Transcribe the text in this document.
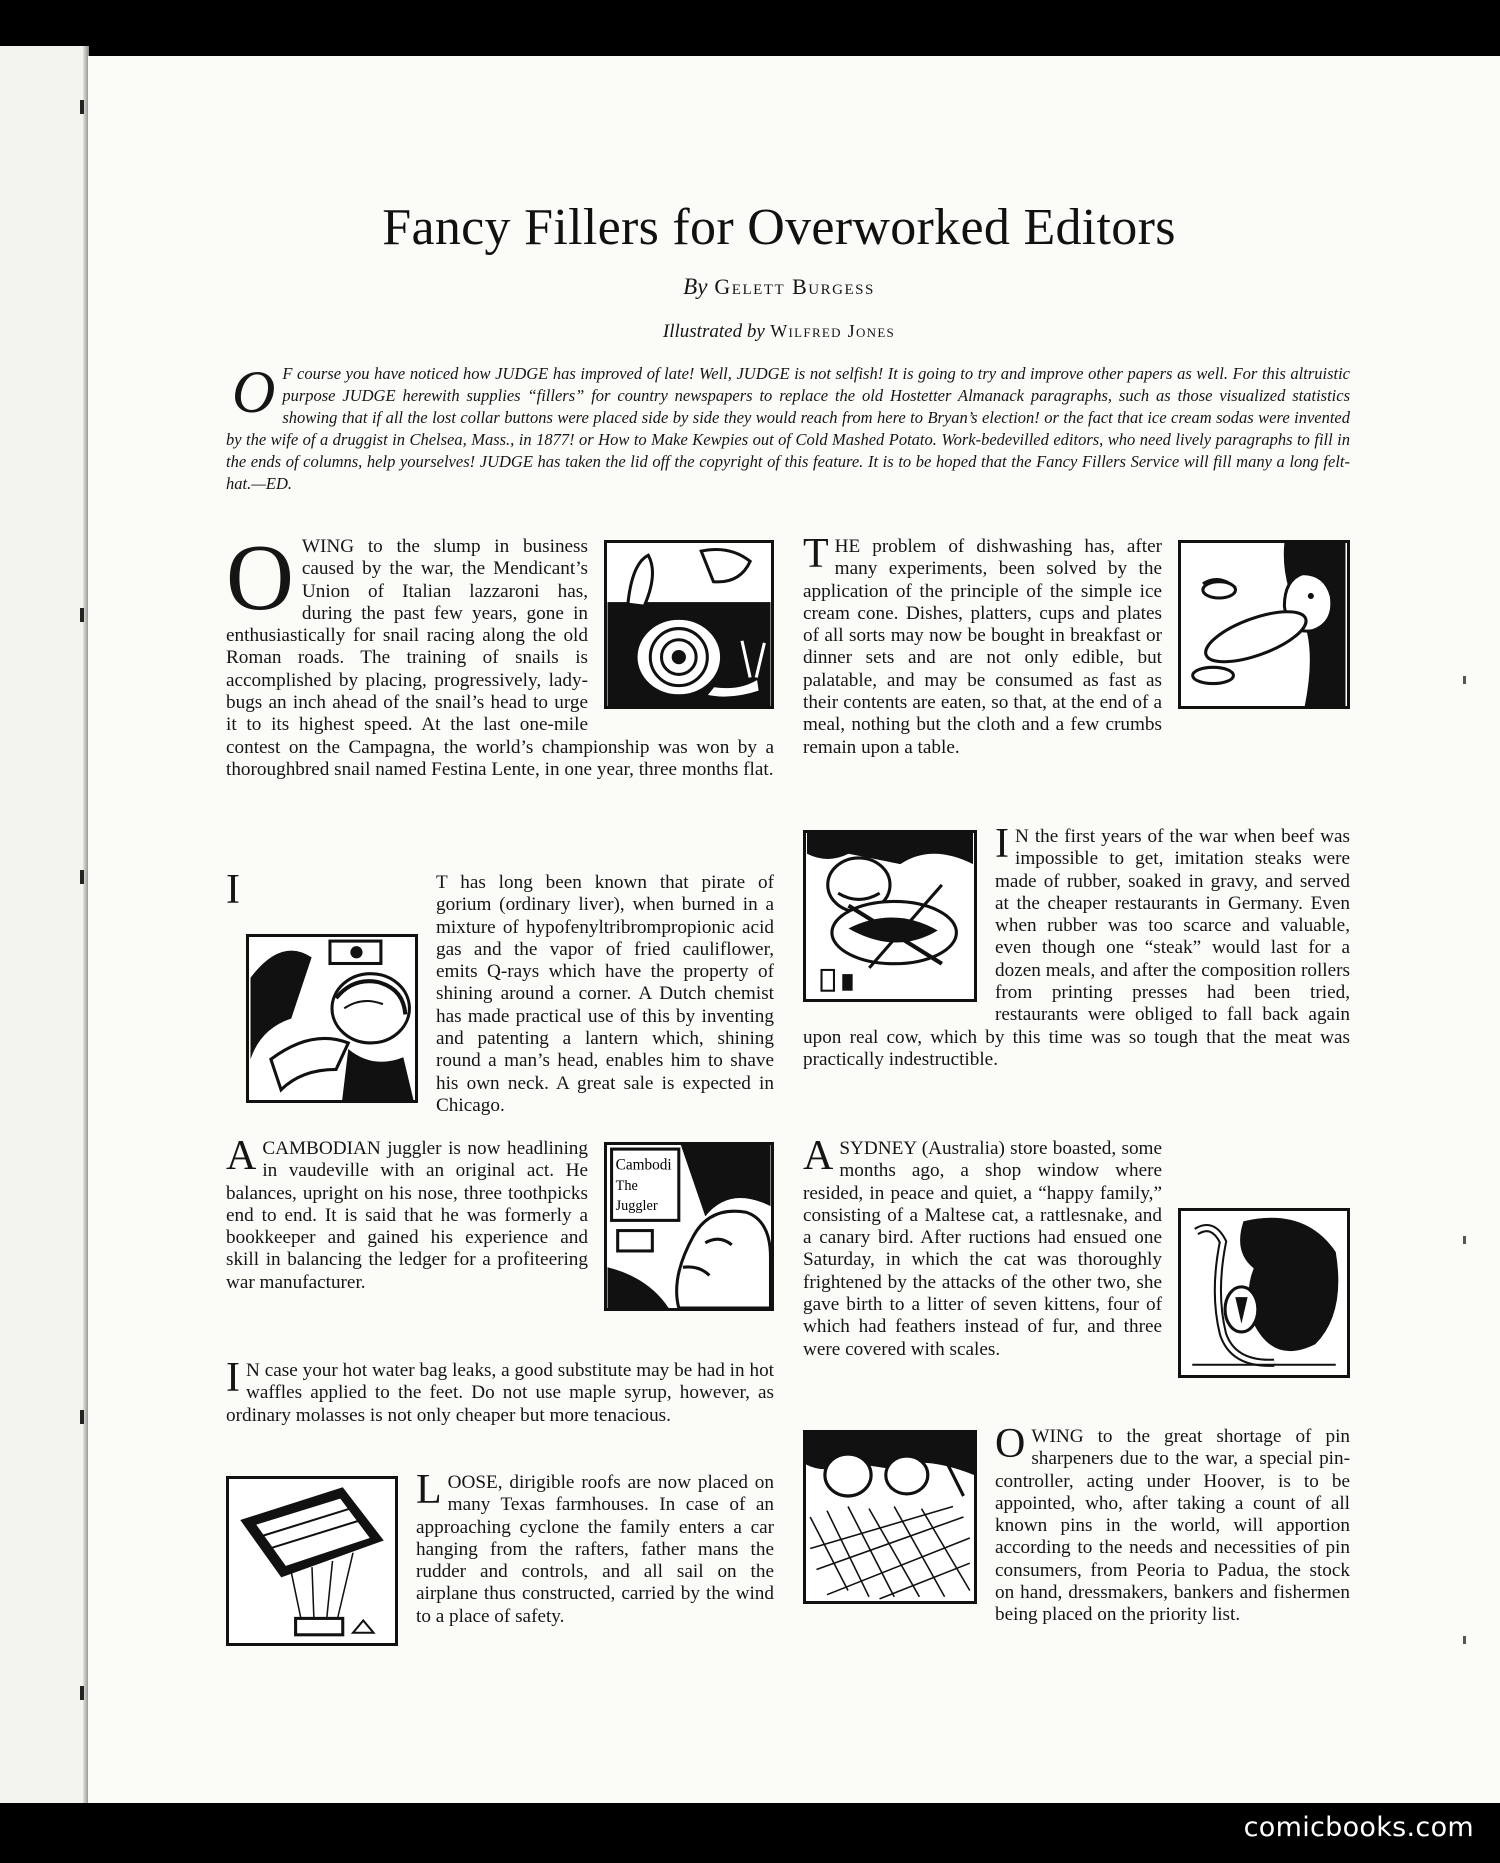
Fancy Fillers for Overworked Editors
By Gelett Burgess
Illustrated by Wilfred Jones

O F course you have noticed how JUDGE has improved of late! Well, JUDGE is not selfish! It is going to try and improve other papers as well. For this altruistic purpose JUDGE herewith supplies “fillers” for country newspapers to replace the old Hostetter Almanack paragraphs, such as those visualized statistics showing that if all the lost collar buttons were placed side by side they would reach from here to Bryan’s election! or the fact that ice cream sodas were invented by the wife of a druggist in Chelsea, Mass., in 1877! or How to Make Kewpies out of Cold Mashed Potato. Work-bedevilled editors, who need lively paragraphs to fill in the ends of columns, help yourselves! JUDGE has taken the lid off the copyright of this feature. It is to be hoped that the Fancy Fillers Service will fill many a long felt-hat.—ED.

O WING to the slump in business caused by the war, the Mendicant’s Union of Italian lazzaroni has, during the past few years, gone in enthusiastically for snail racing along the old Roman roads. The training of snails is accomplished by placing, progressively, lady-bugs an inch ahead of the snail’s head to urge it to its highest speed. At the last one-mile contest on the Campagna, the world’s championship was won by a thoroughbred snail named Festina Lente, in one year, three months flat.

I	T has long been known that pirate of gorium (ordinary liver), when burned in a mixture of hypofenyltribrompropionic acid gas and the vapor of fried cauliflower, emits Q-rays which have the property of shining around a corner. A Dutch chemist has made practical use of this by inventing and patenting a lantern which, shining round a man’s head, enables him to shave his own neck. A great sale is expected in Chicago.

Cambodi
The
Juggler
A CAMBODIAN juggler is now headlining in vaudeville with an original act. He balances, upright on his nose, three toothpicks end to end. It is said that he was formerly a bookkeeper and gained his experience and skill in balancing the ledger for a profiteering war manufacturer.

I N case your hot water bag leaks, a good substitute may be had in hot waffles applied to the feet. Do not use maple syrup, however, as ordinary molasses is not only cheaper but more tenacious.

L OOSE, dirigible roofs are now placed on many Texas farmhouses. In case of an approaching cyclone the family enters a car hanging from the rafters, father mans the rudder and controls, and all sail on the airplane thus constructed, carried by the wind to a place of safety.

T HE problem of dishwashing has, after many experiments, been solved by the application of the principle of the simple ice cream cone. Dishes, platters, cups and plates of all sorts may now be bought in breakfast or dinner sets and are not only edible, but palatable, and may be consumed as fast as their contents are eaten, so that, at the end of a meal, nothing but the cloth and a few crumbs remain upon a table.

I N the first years of the war when beef was impossible to get, imitation steaks were made of rubber, soaked in gravy, and served at the cheaper restaurants in Germany. Even when rubber was too scarce and valuable, even though one “steak” would last for a dozen meals, and after the composition rollers from printing presses had been tried, restaurants were obliged to fall back again upon real cow, which by this time was so tough that the meat was practically indestructible.

A SYDNEY (Australia) store boasted, some months ago, a shop window where resided, in peace and quiet, a “happy family,” consisting of a Maltese cat, a rattlesnake, and a canary bird. After ructions had ensued one Saturday, in which the cat was thoroughly frightened by the attacks of the other two, she gave birth to a litter of seven kittens, four of which had feathers instead of fur, and three were covered with scales.

O WING to the great shortage of pin sharpeners due to the war, a special pin-controller, acting under Hoover, is to be appointed, who, after taking a count of all known pins in the world, will apportion according to the needs and necessities of pin consumers, from Peoria to Padua, the stock on hand, dressmakers, bankers and fishermen being placed on the priority list.

comicbooks.com
